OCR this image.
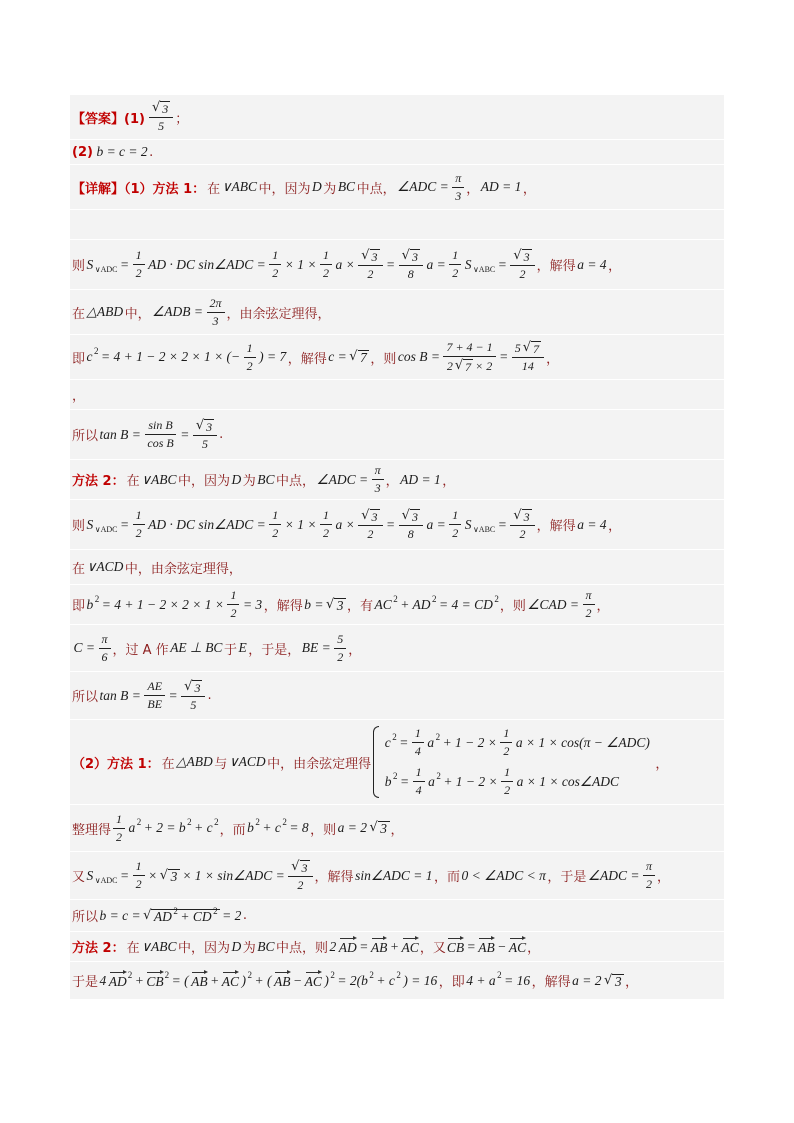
【答案】(1)
√ $\frac{3}{5}$ ；
(2) b = c = 2 .
【详解】（1）方法 1： 在 ∨ABC 中，因为 D 为 BC 中点， ∠ADC = $\frac{\pi}{3}$ ， AD = 1 ，
则 S ∨ADC = $\frac{1}{2}$ AD · DC sin∠ADC = $\frac{1}{2} \times 1 \times \frac{1}{2}$ a ×
√ $\frac{3}{2}$ =
√ $\frac{3}{8}$ $a = \frac{1}{2}$ S ∨ABC =
√ $\frac{3}{2}$ ，解得 a = 4 ，
在 △ABD 中， ∠ADB = $\frac{2\pi}{3}$ ，由余弦定理得，
即 c 2 = 4 + 1 − 2 × 2 × 1 × (− $\frac{1}{2}$ ) = 7 ，解得 c =
√ 7 ，则 cos B = 7 + 4 − 1
2
√ 7 × 2 = 5
√ 7
14 ，
，
所以 $\tan B = \frac{\text{sin B}}{\text{cos B}}$ =
√ $\frac{3}{5}$ .
方法 2： 在 ∨ABC 中，因为 D 为 BC 中点， ∠ADC = $\frac{\pi}{3}$ ， AD = 1 ，
则 S ∨ADC = $\frac{1}{2}$ AD · DC sin∠ADC = $\frac{1}{2} \times 1 \times \frac{1}{2}$ a ×
√ $\frac{3}{2}$ =
√ $\frac{3}{8}$ $a = \frac{1}{2}$ S ∨ABC =
√ $\frac{3}{2}$ ，解得 a = 4 ，
在 ∨ACD 中，由余弦定理得，
即 b $2 = 4 + 1 - 2 \times 2 \times 1 \times \frac{1}{2} = 3$ ，解得 b =
√ 3 ，有 AC 2 + AD 2 = 4 = CD 2
，则 ∠CAD = $\frac{\pi}{2}$ ，
$C = \frac{\pi}{6}$ ，过 A 作 AE ⊥ BC 于 E ，于是， BE = $\frac{5}{2}$ ，
所以 $\tan B = \frac{AE}{BE}$ =
√ $\frac{3}{5}$ .
（2）方法 1： 在 △ABD 与 ∨ACD 中，由余弦定理得
c $2 = \frac{1}{4}$ a $2 + 1 - 2 \times \frac{1}{2}$ a × 1 × cos(π − ∠ADC)
b $2 = \frac{1}{4}$ a $2 + 1 - 2 \times \frac{1}{2}$ a × 1 × cos∠ADC
，
整理得 $\frac{1}{2}$ a 2 + 2 = b 2 + c 2
，而 b 2 + c 2 = 8 ，则 a = 2
√ 3 ，
又 S ∨ADC = $\frac{1}{2}$ ×
√ 3 × 1 × sin∠ADC =
√ $\frac{3}{2}$ ，解得 sin∠ADC = 1 ，而 0 < ∠ADC < π ，于是 ∠ADC = $\frac{\pi}{2}$ ，
所以 b = c =
√ AD 2 + CD 2 = 2 .
方法 2： 在 ∨ABC 中，因为 D 为 BC 中点，则 2 AD = AB + AC ，又 CB = AB − AC ，
于是 4 AD 2 + CB 2 = ( AB + AC ) 2 + ( AB − AC ) 2 = 2(b 2 + c 2 ) = 16 ，即 4 + a 2 = 16 ，解得 a = 2
√ 3 ，
